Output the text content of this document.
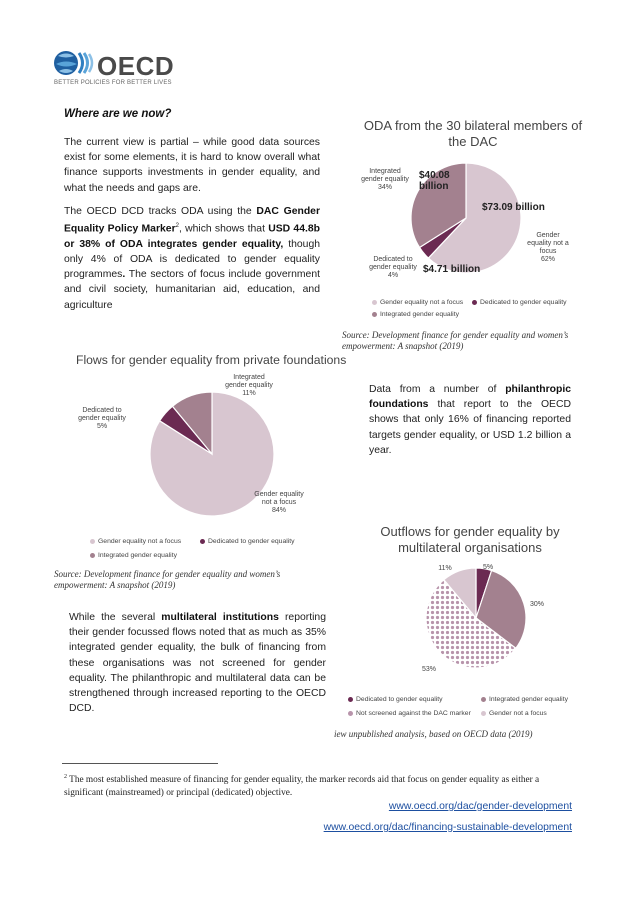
OECD
BETTER POLICIES FOR BETTER LIVES
Where are we now?
The current view is partial – while good data sources exist for some elements, it is hard to know overall what finance supports investments in gender equality, and what the needs and gaps are.
The OECD DCD tracks ODA using the DAC Gender Equality Policy Marker$^2$, which shows that USD 44.8b or 38% of ODA integrates gender equality, though only 4% of ODA is dedicated to gender equality programmes. The sectors of focus include government and civil society, humanitarian aid, education, and agriculture
ODA from the 30 bilateral members of the DAC
Integrated
gender equality
34%
$40.08 billion
$73.09 billion
Gender
equality not a
focus
62%
Dedicated to
gender equality
4%
$4.71 billion
Gender equality not a focus	Dedicated to gender equality
Integrated gender equality
Source: Development finance for gender equality and women’s empowerment: A snapshot (2019)
Flows for gender equality from private foundations
Integrated
gender equality
11%
Dedicated to
gender equality
5%
Gender equality
not a focus
84%
Gender equality not a focus	Dedicated to gender equality
Integrated gender equality
Source: Development finance for gender equality and women’s empowerment: A snapshot (2019)
Data from a number of philanthropic foundations that report to the OECD shows that only 16% of financing reported targets gender equality, or USD 1.2 billion a year.
While the several multilateral institutions reporting their gender focussed flows noted that as much as 35% integrated gender equality, the bulk of financing from these organisations was not screened for gender equality. The philanthropic and multilateral data can be strengthened through increased reporting to the OECD DCD.
Outflows for gender equality by multilateral organisations
5%
30%
53%
11%
Dedicated to gender equality	Integrated gender equality
Not screened against the DAC marker	Gender not a focus
iew unpublished analysis, based on OECD data (2019)
$^2$ The most established measure of financing for gender equality, the marker records aid that focus on gender equality as either a significant (mainstreamed) or principal (dedicated) objective.
www.oecd.org/dac/gender-development
www.oecd.org/dac/financing-sustainable-development
